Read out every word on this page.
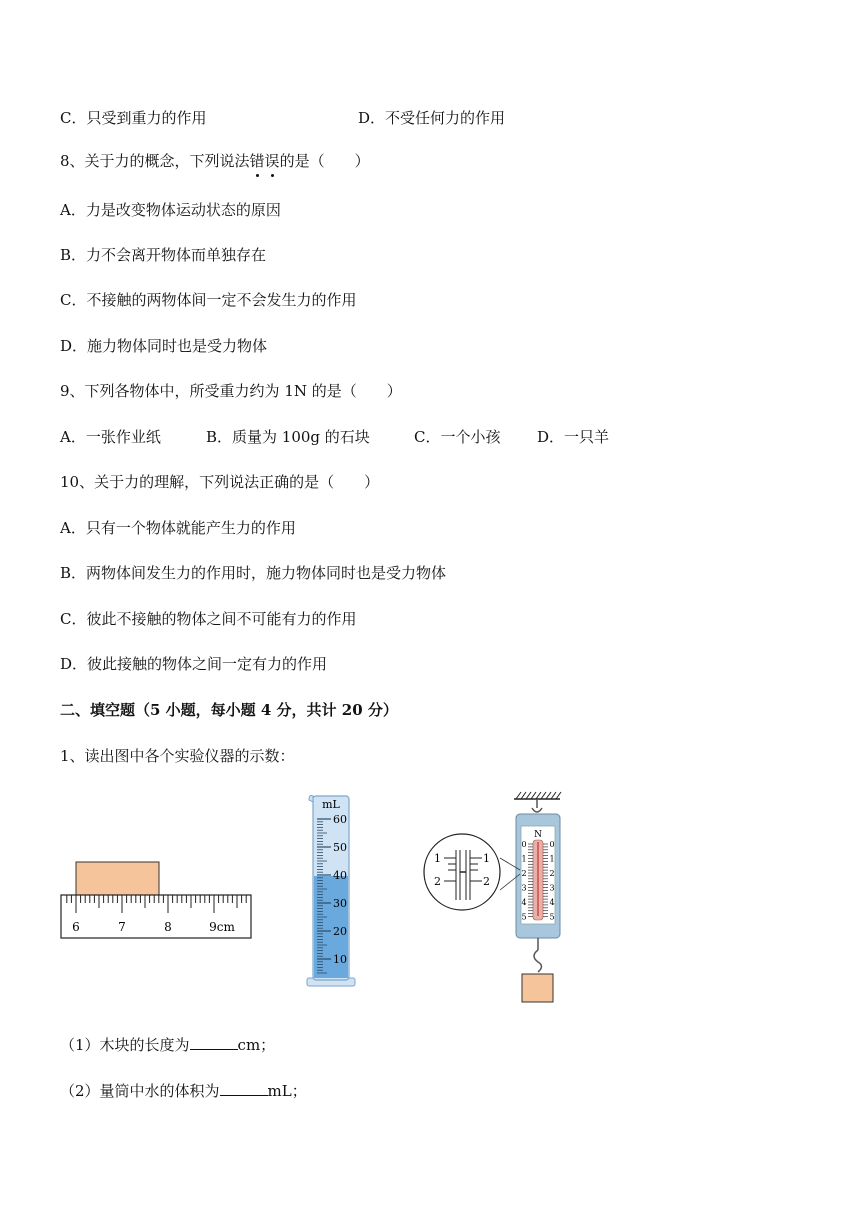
C．只受到重力的作用	D．不受任何力的作用
8、关于力的概念，下列说法错误
的是（　　）
A．力是改变物体运动状态的原因
B．力不会离开物体而单独存在
C．不接触的两物体间一定不会发生力的作用
D．施力物体同时也是受力物体
9、下列各物体中，所受重力约为 1N 的是（　　）
A．一张作业纸	B．质量为 100g 的石块	C．一个小孩 D．一只羊
10、关于力的理解，下列说法正确的是（　　）
A．只有一个物体就能产生力的作用
B．两物体间发生力的作用时，施力物体同时也是受力物体
C．彼此不接触的物体之间不可能有力的作用
D．彼此接触的物体之间一定有力的作用
二、填空题（5 小题，每小题 4 分，共计 20 分）
1、读出图中各个实验仪器的示数：
6	7	8	9cm
mL
60
50
40
30
20
10
N
0	0
1	1
2	2
3	3
4	4
5	5
1
2
1
2
（1）木块的长度为	cm；
（2）量筒中水的体积为	mL；
